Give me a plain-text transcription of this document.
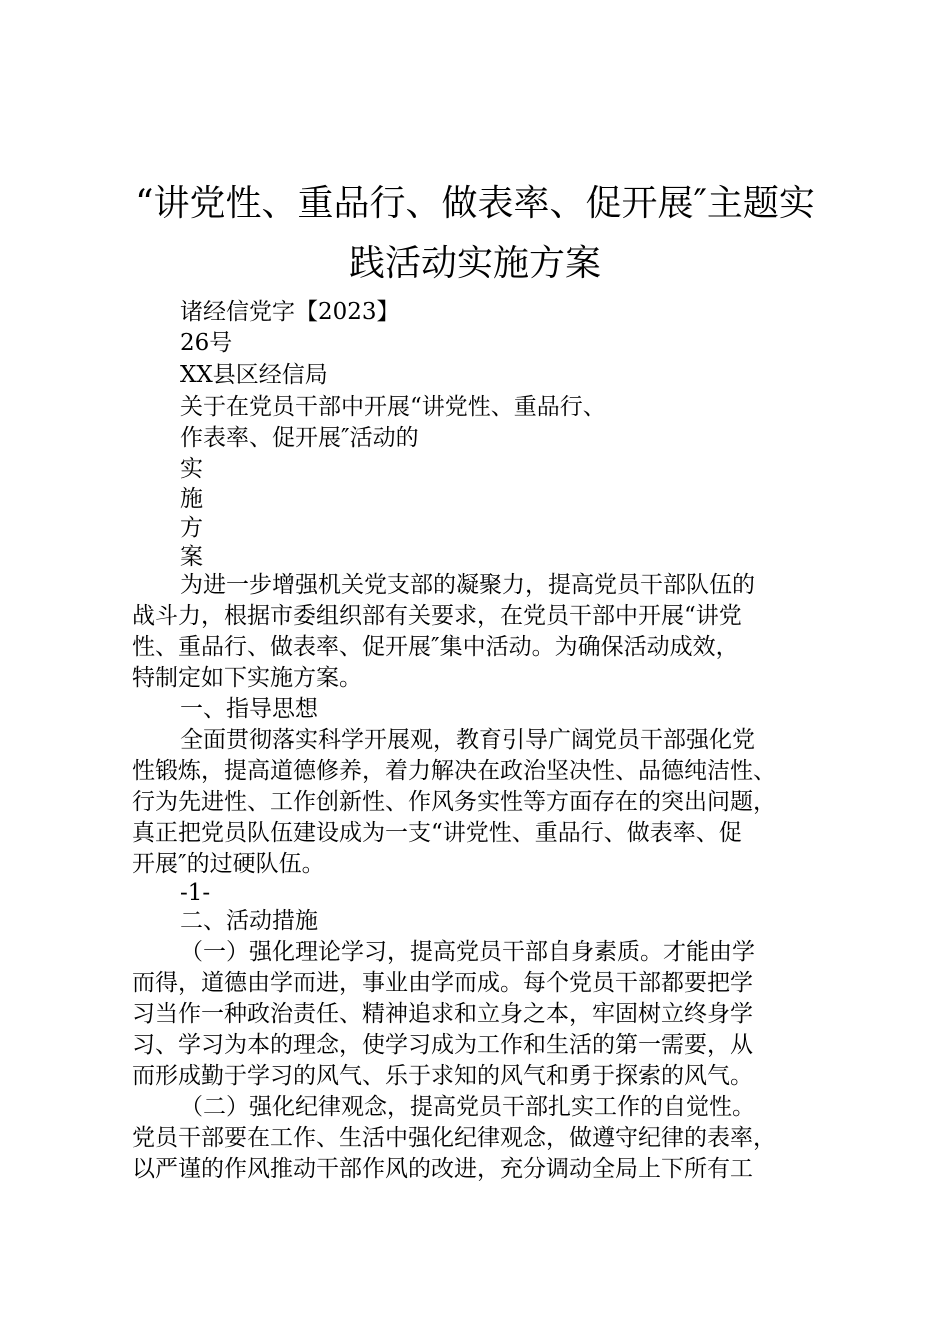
“讲党性、重品行、做表率、促开展″主题实
践活动实施方案
诸经信党字【2023】
26号
XX县区经信局
关于在党员干部中开展“讲党性、重品行、
作表率、促开展″活动的
实
施
方
案
为进一步增强机关党支部的凝聚力，提高党员干部队伍的
战斗力，根据市委组织部有关要求，在党员干部中开展“讲党
性、重品行、做表率、促开展″集中活动。为确保活动成效，
特制定如下实施方案。
一、指导思想
全面贯彻落实科学开展观，教育引导广阔党员干部强化党
性锻炼，提高道德修养，着力解决在政治坚决性、品德纯洁性、
行为先进性、工作创新性、作风务实性等方面存在的突出问题，
真正把党员队伍建设成为一支“讲党性、重品行、做表率、促
开展″的过硬队伍。
-1-
二、活动措施
（一）强化理论学习，提高党员干部自身素质。才能由学
而得，道德由学而进，事业由学而成。每个党员干部都要把学
习当作一种政治责任、精神追求和立身之本，牢固树立终身学
习、学习为本的理念，使学习成为工作和生活的第一需要，从
而形成勤于学习的风气、乐于求知的风气和勇于探索的风气。
（二）强化纪律观念，提高党员干部扎实工作的自觉性。
党员干部要在工作、生活中强化纪律观念，做遵守纪律的表率，
以严谨的作风推动干部作风的改进，充分调动全局上下所有工
